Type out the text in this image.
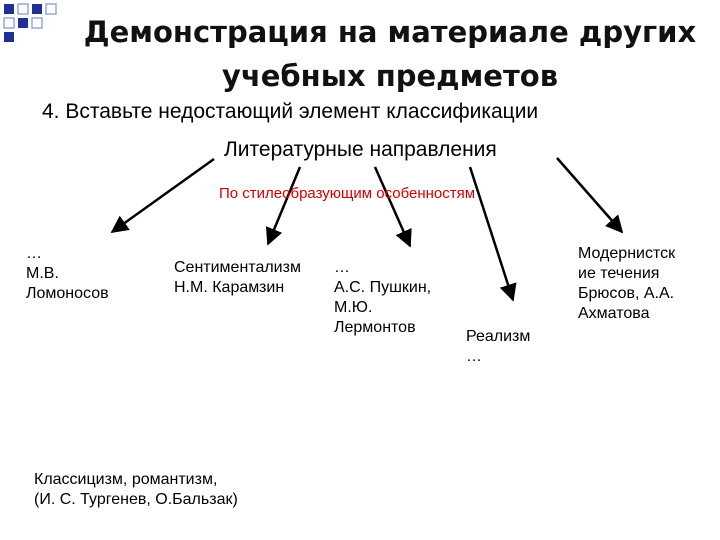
Демонстрация на материале других
учебных предметов
4. Вставьте недостающий элемент классификации
Литературные направления
По стилеобразующим особенностям
…
М.В.
Ломоносов
Сентиментализм
Н.М. Карамзин
…
А.С. Пушкин,
М.Ю.
Лермонтов
Реализм
…
Модернистск
ие течения
Брюсов, А.А.
Ахматова
Классицизм, романтизм,
(И. С. Тургенев, О.Бальзак)
